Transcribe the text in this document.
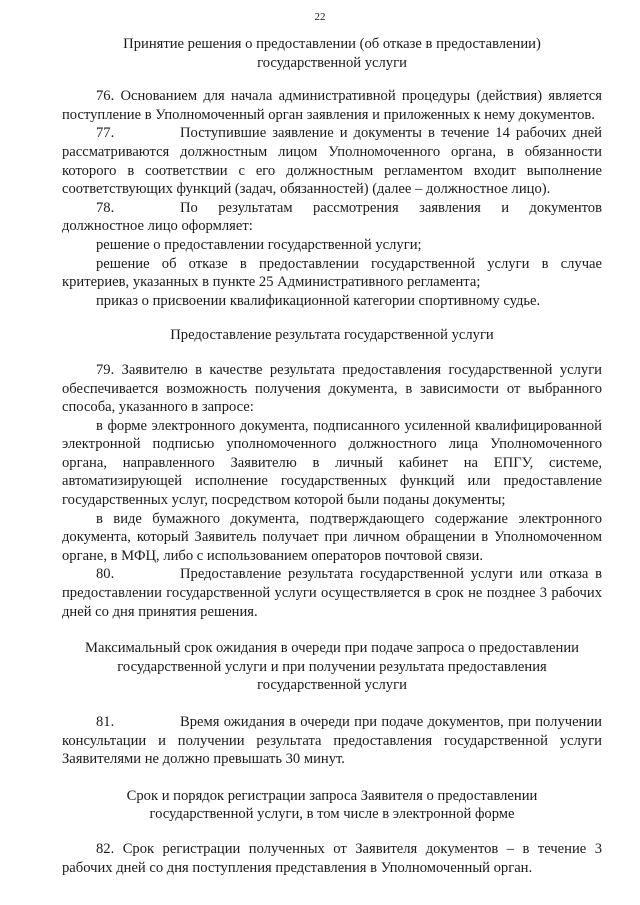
22
Принятие решения о предоставлении (об отказе в предоставлении)
государственной услуги

76. Основанием для начала административной процедуры (действия) является поступление в Уполномоченный орган заявления и приложенных к нему документов.

77.	Поступившие заявление и документы в течение 14 рабочих дней рассматриваются должностным лицом Уполномоченного органа, в обязанности которого в соответствии с его должностным регламентом входит выполнение соответствующих функций (задач, обязанностей) (далее – должностное лицо).

78.	По результатам рассмотрения заявления и документов должностное лицо оформляет:

решение о предоставлении государственной услуги;

решение об отказе в предоставлении государственной услуги в случае критериев, указанных в пункте 25 Административного регламента;

приказ о присвоении квалификационной категории спортивному судье.

Предоставление результата государственной услуги

79. Заявителю в качестве результата предоставления государственной услуги обеспечивается возможность получения документа, в зависимости от выбранного способа, указанного в запросе:

в форме электронного документа, подписанного усиленной квалифицированной электронной подписью уполномоченного должностного лица Уполномоченного органа, направленного Заявителю в личный кабинет на ЕПГУ, системе, автоматизирующей исполнение государственных функций или предоставление государственных услуг, посредством которой были поданы документы;

в виде бумажного документа, подтверждающего содержание электронного документа, который Заявитель получает при личном обращении в Уполномоченном органе, в МФЦ, либо с использованием операторов почтовой связи.

80.	Предоставление результата государственной услуги или отказа в предоставлении государственной услуги осуществляется в срок не позднее 3 рабочих дней со дня принятия решения.

Максимальный срок ожидания в очереди при подаче запроса о предоставлении
государственной услуги и при получении результата предоставления
государственной услуги

81.	Время ожидания в очереди при подаче документов, при получении консультации и получении результата предоставления государственной услуги Заявителями не должно превышать 30 минут.

Срок и порядок регистрации запроса Заявителя о предоставлении
государственной услуги, в том числе в электронной форме

82. Срок регистрации полученных от Заявителя документов – в течение 3 рабочих дней со дня поступления представления в Уполномоченный орган.
